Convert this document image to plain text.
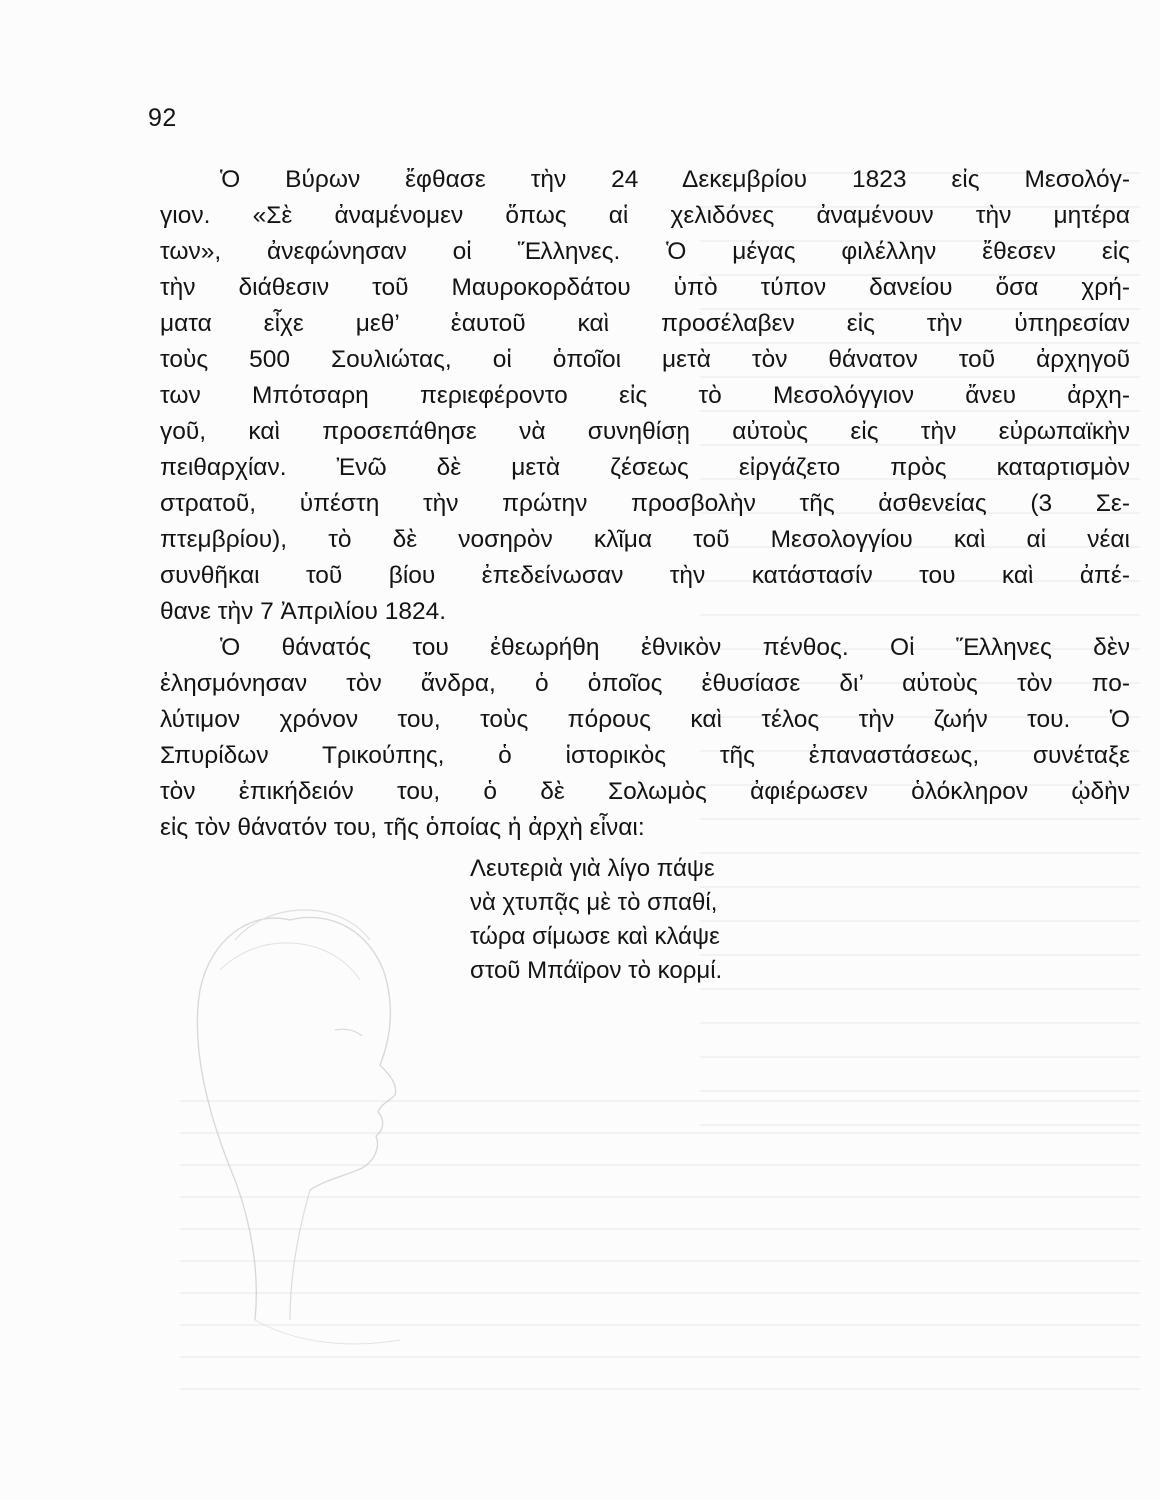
92
Ὁ Βύρων ἔφθασε τὴν 24 Δεκεμβρίου 1823 εἰς Μεσολόγ-
γιον. «Σὲ ἀναμένομεν ὅπως αἱ χελιδόνες ἀναμένουν τὴν μητέρα
των», ἀνεφώνησαν οἱ Ἕλληνες. Ὁ μέγας φιλέλλην ἔθεσεν εἰς
τὴν διάθεσιν τοῦ Μαυροκορδάτου ὑπὸ τύπον δανείου ὅσα χρή-
ματα εἶχε μεθ’ ἑαυτοῦ καὶ προσέλαβεν εἰς τὴν ὑπηρεσίαν
τοὺς 500 Σουλιώτας, οἱ ὁποῖοι μετὰ τὸν θάνατον τοῦ ἀρχηγοῦ
των Μπότσαρη περιεφέροντο εἰς τὸ Μεσολόγγιον ἄνευ ἀρχη-
γοῦ, καὶ προσεπάθησε νὰ συνηθίσῃ αὐτοὺς εἰς τὴν εὐρωπαϊκὴν
πειθαρχίαν. Ἐνῶ δὲ μετὰ ζέσεως εἰργάζετο πρὸς καταρτισμὸν
στρατοῦ, ὑπέστη τὴν πρώτην προσβολὴν τῆς ἀσθενείας (3 Σε-
πτεμβρίου), τὸ δὲ νοσηρὸν κλῖμα τοῦ Μεσολογγίου καὶ αἱ νέαι
συνθῆκαι τοῦ βίου ἐπεδείνωσαν τὴν κατάστασίν του καὶ ἀπέ-
θανε τὴν 7 Ἀπριλίου 1824.
Ὁ θάνατός του ἐθεωρήθη ἐθνικὸν πένθος. Οἱ Ἕλληνες δὲν
ἐλησμόνησαν τὸν ἄνδρα, ὁ ὁποῖος ἐθυσίασε δι’ αὐτοὺς τὸν πο-
λύτιμον χρόνον του, τοὺς πόρους καὶ τέλος τὴν ζωήν του. Ὁ
Σπυρίδων Τρικούπης, ὁ ἱστορικὸς τῆς ἐπαναστάσεως, συνέταξε
τὸν ἐπικήδειόν του, ὁ δὲ Σολωμὸς ἀφιέρωσεν ὁλόκληρον ᾠδὴν
εἰς τὸν θάνατόν του, τῆς ὁποίας ἡ ἀρχὴ εἶναι:
Λευτεριὰ γιὰ λίγο πάψε
νὰ χτυπᾷς μὲ τὸ σπαθί,
τώρα σίμωσε καὶ κλάψε
στοῦ Μπάϊρον τὸ κορμί.
